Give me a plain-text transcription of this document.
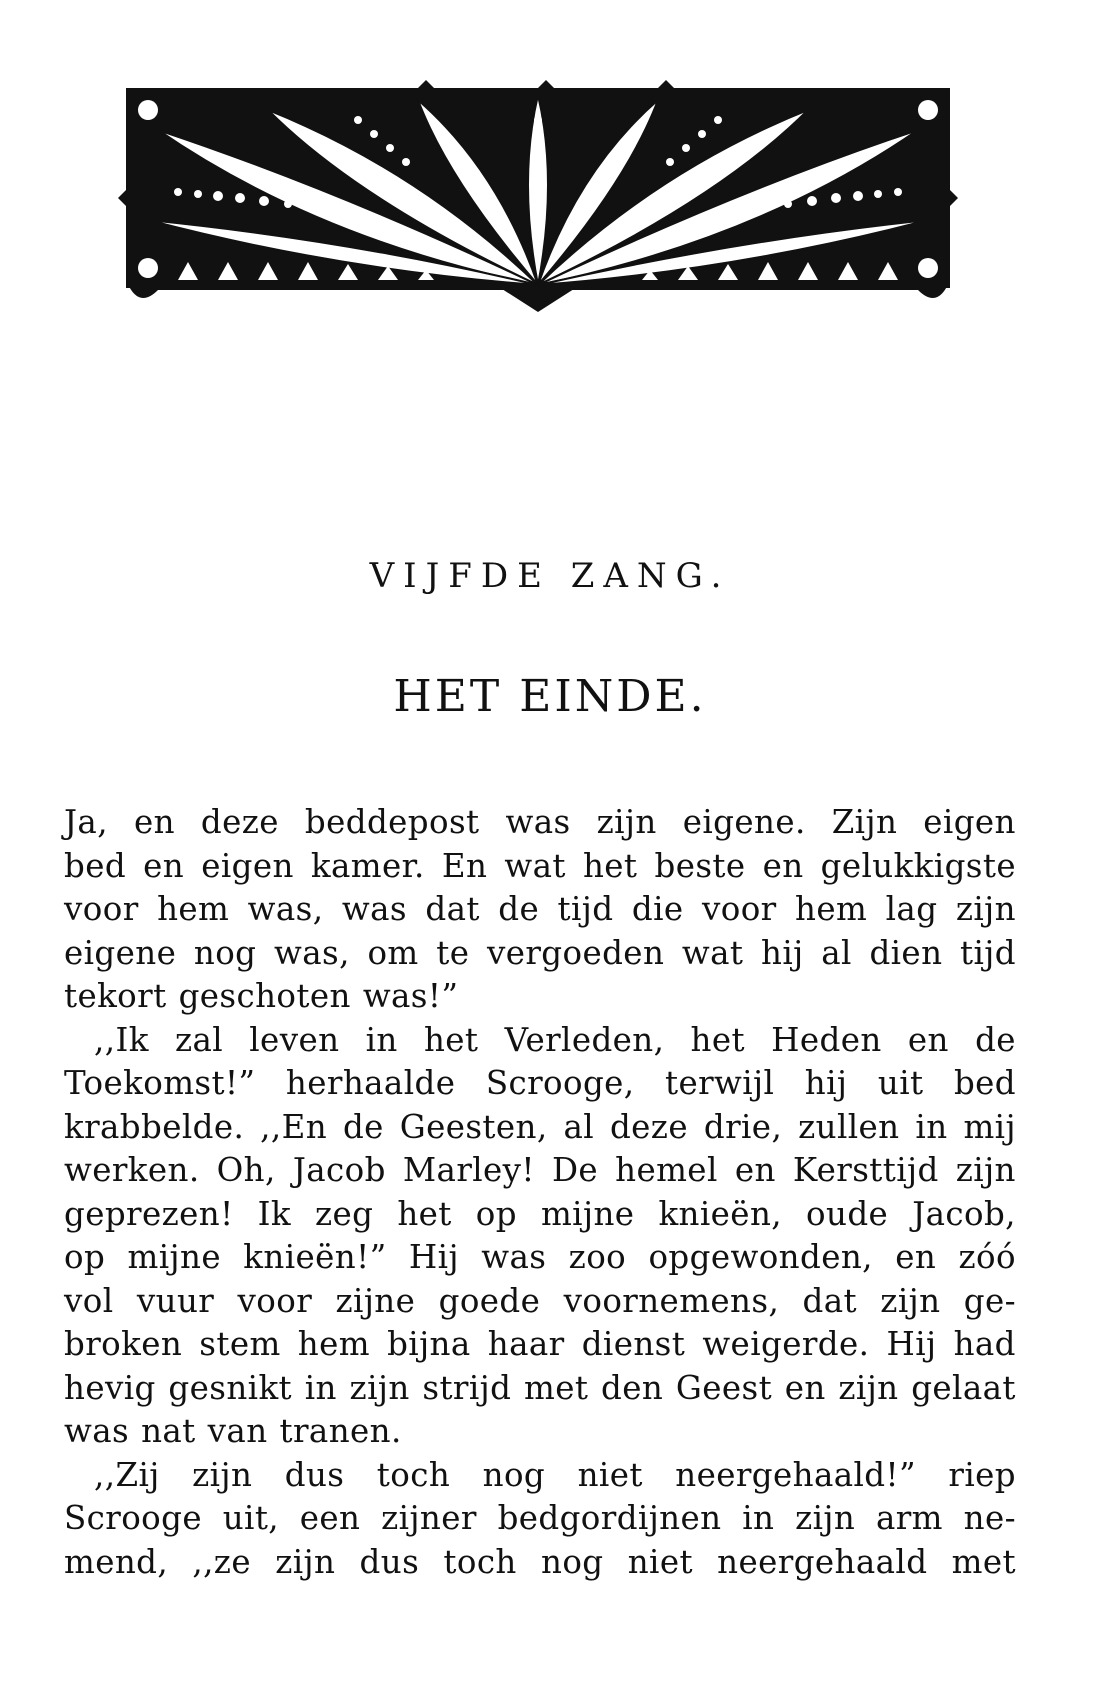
VIJFDE ZANG.
HET EINDE.
Ja, en deze beddepost was zijn eigene. Zijn eigen
bed en eigen kamer. En wat het beste en gelukkigste
voor hem was, was dat de tijd die voor hem lag zijn
eigene nog was, om te vergoeden wat hij al dien tijd
tekort geschoten was!”
,,Ik zal leven in het Verleden, het Heden en de
Toekomst!” herhaalde Scrooge, terwijl hij uit bed
krabbelde. ,,En de Geesten, al deze drie, zullen in mij
werken. Oh, Jacob Marley! De hemel en Kersttijd zijn
geprezen! Ik zeg het op mijne knieën, oude Jacob,
op mijne knieën!” Hij was zoo opgewonden, en zóó
vol vuur voor zijne goede voornemens, dat zijn ge-
broken stem hem bijna haar dienst weigerde. Hij had
hevig gesnikt in zijn strijd met den Geest en zijn gelaat
was nat van tranen.
,,Zij zijn dus toch nog niet neergehaald!” riep
Scrooge uit, een zijner bedgordijnen in zijn arm ne-
mend, ,,ze zijn dus toch nog niet neergehaald met
